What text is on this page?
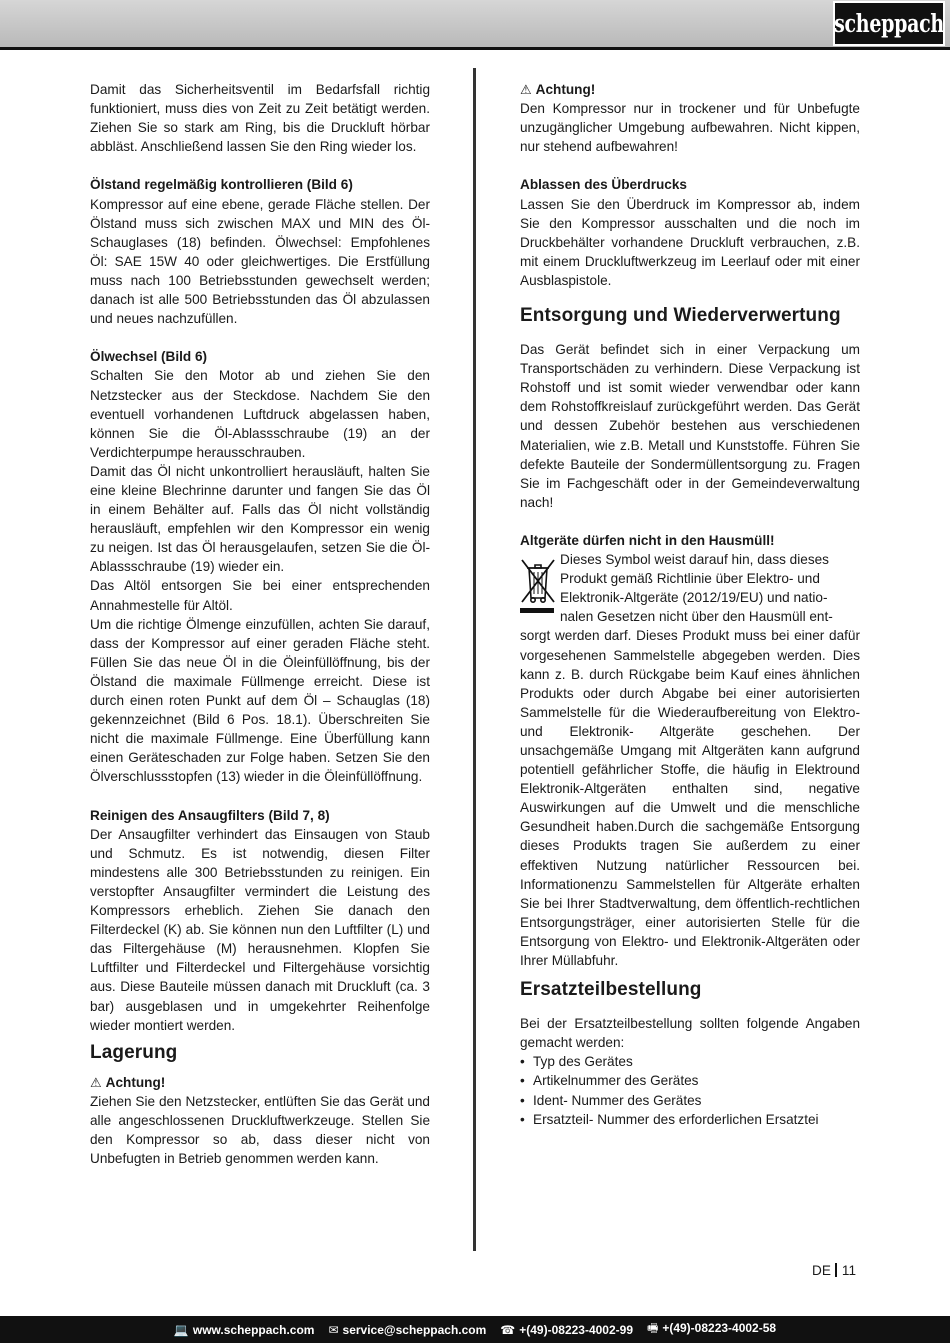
scheppach

Damit das Sicherheitsventil im Bedarfsfall richtig funktioniert, muss dies von Zeit zu Zeit betätigt werden. Ziehen Sie so stark am Ring, bis die Druckluft hörbar abbläst. Anschließend lassen Sie den Ring wieder los.

Ölstand regelmäßig kontrollieren (Bild 6)

Kompressor auf eine ebene, gerade Fläche stellen. Der Ölstand muss sich zwischen MAX und MIN des Öl-Schauglases (18) befinden. Ölwechsel: Empfohlenes Öl: SAE 15W 40 oder gleichwertiges. Die Erstfüllung muss nach 100 Betriebsstunden gewechselt werden; danach ist alle 500 Betriebsstunden das Öl abzulassen und neues nachzufüllen.

Ölwechsel (Bild 6)

Schalten Sie den Motor ab und ziehen Sie den Netzstecker aus der Steckdose. Nachdem Sie den eventuell vorhandenen Luftdruck abgelassen haben, können Sie die Öl-Ablassschraube (19) an der Verdichterpumpe herausschrauben.

Damit das Öl nicht unkontrolliert herausläuft, halten Sie eine kleine Blechrinne darunter und fangen Sie das Öl in einem Behälter auf. Falls das Öl nicht vollständig herausläuft, empfehlen wir den Kompressor ein wenig zu neigen. Ist das Öl herausgelaufen, setzen Sie die Öl-Ablassschraube (19) wieder ein.

Das Altöl entsorgen Sie bei einer entsprechenden Annahmestelle für Altöl.

Um die richtige Ölmenge einzufüllen, achten Sie darauf, dass der Kompressor auf einer geraden Fläche steht. Füllen Sie das neue Öl in die Öleinfüllöffnung, bis der Ölstand die maximale Füllmenge erreicht. Diese ist durch einen roten Punkt auf dem Öl – Schauglas (18) gekennzeichnet (Bild 6 Pos. 18.1). Überschreiten Sie nicht die maximale Füllmenge. Eine Überfüllung kann einen Geräteschaden zur Folge haben. Setzen Sie den Ölverschlussstopfen (13) wieder in die Öleinfüllöffnung.

Reinigen des Ansaugfilters (Bild 7, 8)

Der Ansaugfilter verhindert das Einsaugen von Staub und Schmutz. Es ist notwendig, diesen Filter mindestens alle 300 Betriebsstunden zu reinigen. Ein verstopfter Ansaugfilter vermindert die Leistung des Kompressors erheblich. Ziehen Sie danach den Filterdeckel (K) ab. Sie können nun den Luftfilter (L) und das Filtergehäuse (M) herausnehmen. Klopfen Sie Luftfilter und Filterdeckel und Filtergehäuse vorsichtig aus. Diese Bauteile müssen danach mit Druckluft (ca. 3 bar) ausgeblasen und in umgekehrter Reihenfolge wieder montiert werden.

Lagerung

⚠ Achtung!

Ziehen Sie den Netzstecker, entlüften Sie das Gerät und alle angeschlossenen Druckluftwerkzeuge. Stellen Sie den Kompressor so ab, dass dieser nicht von Unbefugten in Betrieb genommen werden kann.

⚠ Achtung!

Den Kompressor nur in trockener und für Unbefugte unzugänglicher Umgebung aufbewahren. Nicht kippen, nur stehend aufbewahren!

Ablassen des Überdrucks

Lassen Sie den Überdruck im Kompressor ab, indem Sie den Kompressor ausschalten und die noch im Druckbehälter vorhandene Druckluft verbrauchen, z.B. mit einem Druckluftwerkzeug im Leerlauf oder mit einer Ausblaspistole.

Entsorgung und Wiederverwertung

Das Gerät befindet sich in einer Verpackung um Transportschäden zu verhindern. Diese Verpackung ist Rohstoff und ist somit wieder verwendbar oder kann dem Rohstoffkreislauf zurückgeführt werden. Das Gerät und dessen Zubehör bestehen aus verschiedenen Materialien, wie z.B. Metall und Kunststoffe. Führen Sie defekte Bauteile der Sondermüllentsorgung zu. Fragen Sie im Fachgeschäft oder in der Gemeindeverwaltung nach!

Altgeräte dürfen nicht in den Hausmüll!

Dieses Symbol weist darauf hin, dass dieses

Produkt gemäß Richtlinie über Elektro- und

Elektronik-Altgeräte (2012/19/EU) und natio-

nalen Gesetzen nicht über den Hausmüll ent-

sorgt werden darf. Dieses Produkt muss bei einer dafür vorgesehenen Sammelstelle abgegeben werden. Dies kann z. B. durch Rückgabe beim Kauf eines ähnlichen Produkts oder durch Abgabe bei einer autorisierten Sammelstelle für die Wiederaufbereitung von Elektro- und Elektronik- Altgeräte geschehen. Der unsachgemäße Umgang mit Altgeräten kann aufgrund potentiell gefährlicher Stoffe, die häufig in Elektround Elektronik-Altgeräten enthalten sind, negative Auswirkungen auf die Umwelt und die menschliche Gesundheit haben.Durch die sachgemäße Entsorgung dieses Produkts tragen Sie außerdem zu einer effektiven Nutzung natürlicher Ressourcen bei. Informationenzu Sammelstellen für Altgeräte erhalten Sie bei Ihrer Stadtverwaltung, dem öffentlich-rechtlichen Entsorgungsträger, einer autorisierten Stelle für die Entsorgung von Elektro- und Elektronik-Altgeräten oder Ihrer Müllabfuhr.

Ersatzteilbestellung

Bei der Ersatzteilbestellung sollten folgende Angaben gemacht werden:

• Typ des Gerätes
• Artikelnummer des Gerätes
• Ident- Nummer des Gerätes
• Ersatzteil- Nummer des erforderlichen Ersatztei
DE 11
💻 www.scheppach.com ✉ service@scheppach.com ☎ +(49)-08223-4002-99 🖷 +(49)-08223-4002-58
